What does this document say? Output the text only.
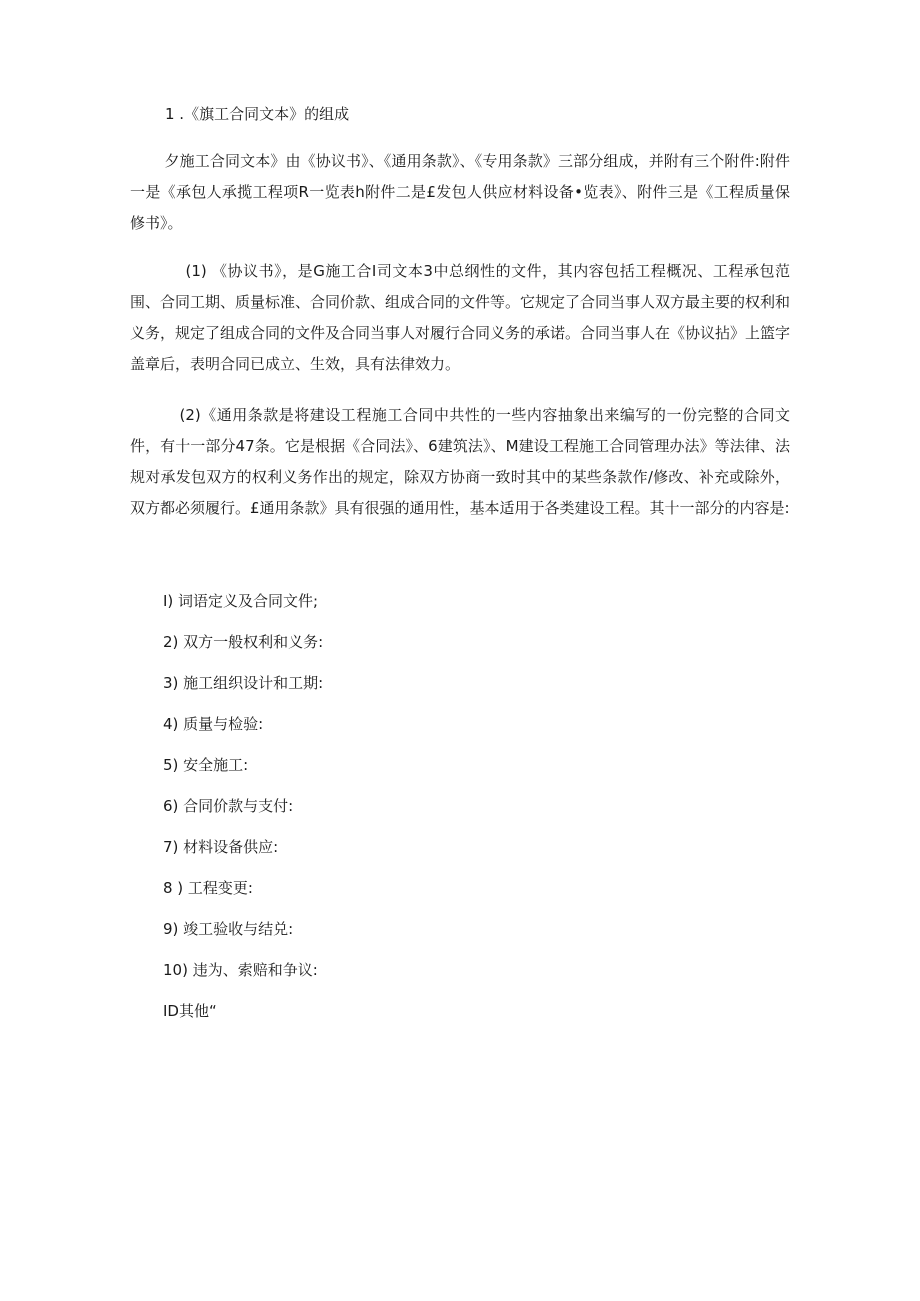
1 .《旗工合同文本》的组成

夕施工合同文本》由《协议书》、《通用条款》、《专用条款》三部分组成，并附有三个附件:附件一是《承包人承揽工程项R一览表h附件二是£发包人供应材料设备•览表》、附件三是《工程质量保修书》。

(1) 《协议书》，是G施工合I司文本3中总纲性的文件，其内容包括工程概况、工程承包范围、合同工期、质量标准、合同价款、组成合同的文件等。它规定了合同当事人双方最主要的权利和义务，规定了组成合同的文件及合同当事人对履行合同义务的承诺。合同当事人在《协议拈》上篮字盖章后，表明合同已成立、生效，具有法律效力。

(2)《通用条款是将建设工程施工合同中共性的一些内容抽象出来编写的一份完整的合同文件，有十一部分47条。它是根据《合同法》、6建筑法》、M建设工程施工合同管理办法》等法律、法规对承发包双方的权利义务作出的规定，除双方协商一致时其中的某些条款作/修改、补充或除外，双方都必须履行。£通用条款》具有很强的通用性，基本适用于各类建设工程。其十一部分的内容是:

I) 词语定义及合同文件;
2) 双方一般权利和义务:
3) 施工组织设计和工期:
4) 质量与检验:
5) 安全施工:
6) 合同价款与支付:
7) 材料设备供应:
8 ) 工程变更:
9) 竣工验收与结兑:
10) 违为、索赔和争议:
ID其他“
